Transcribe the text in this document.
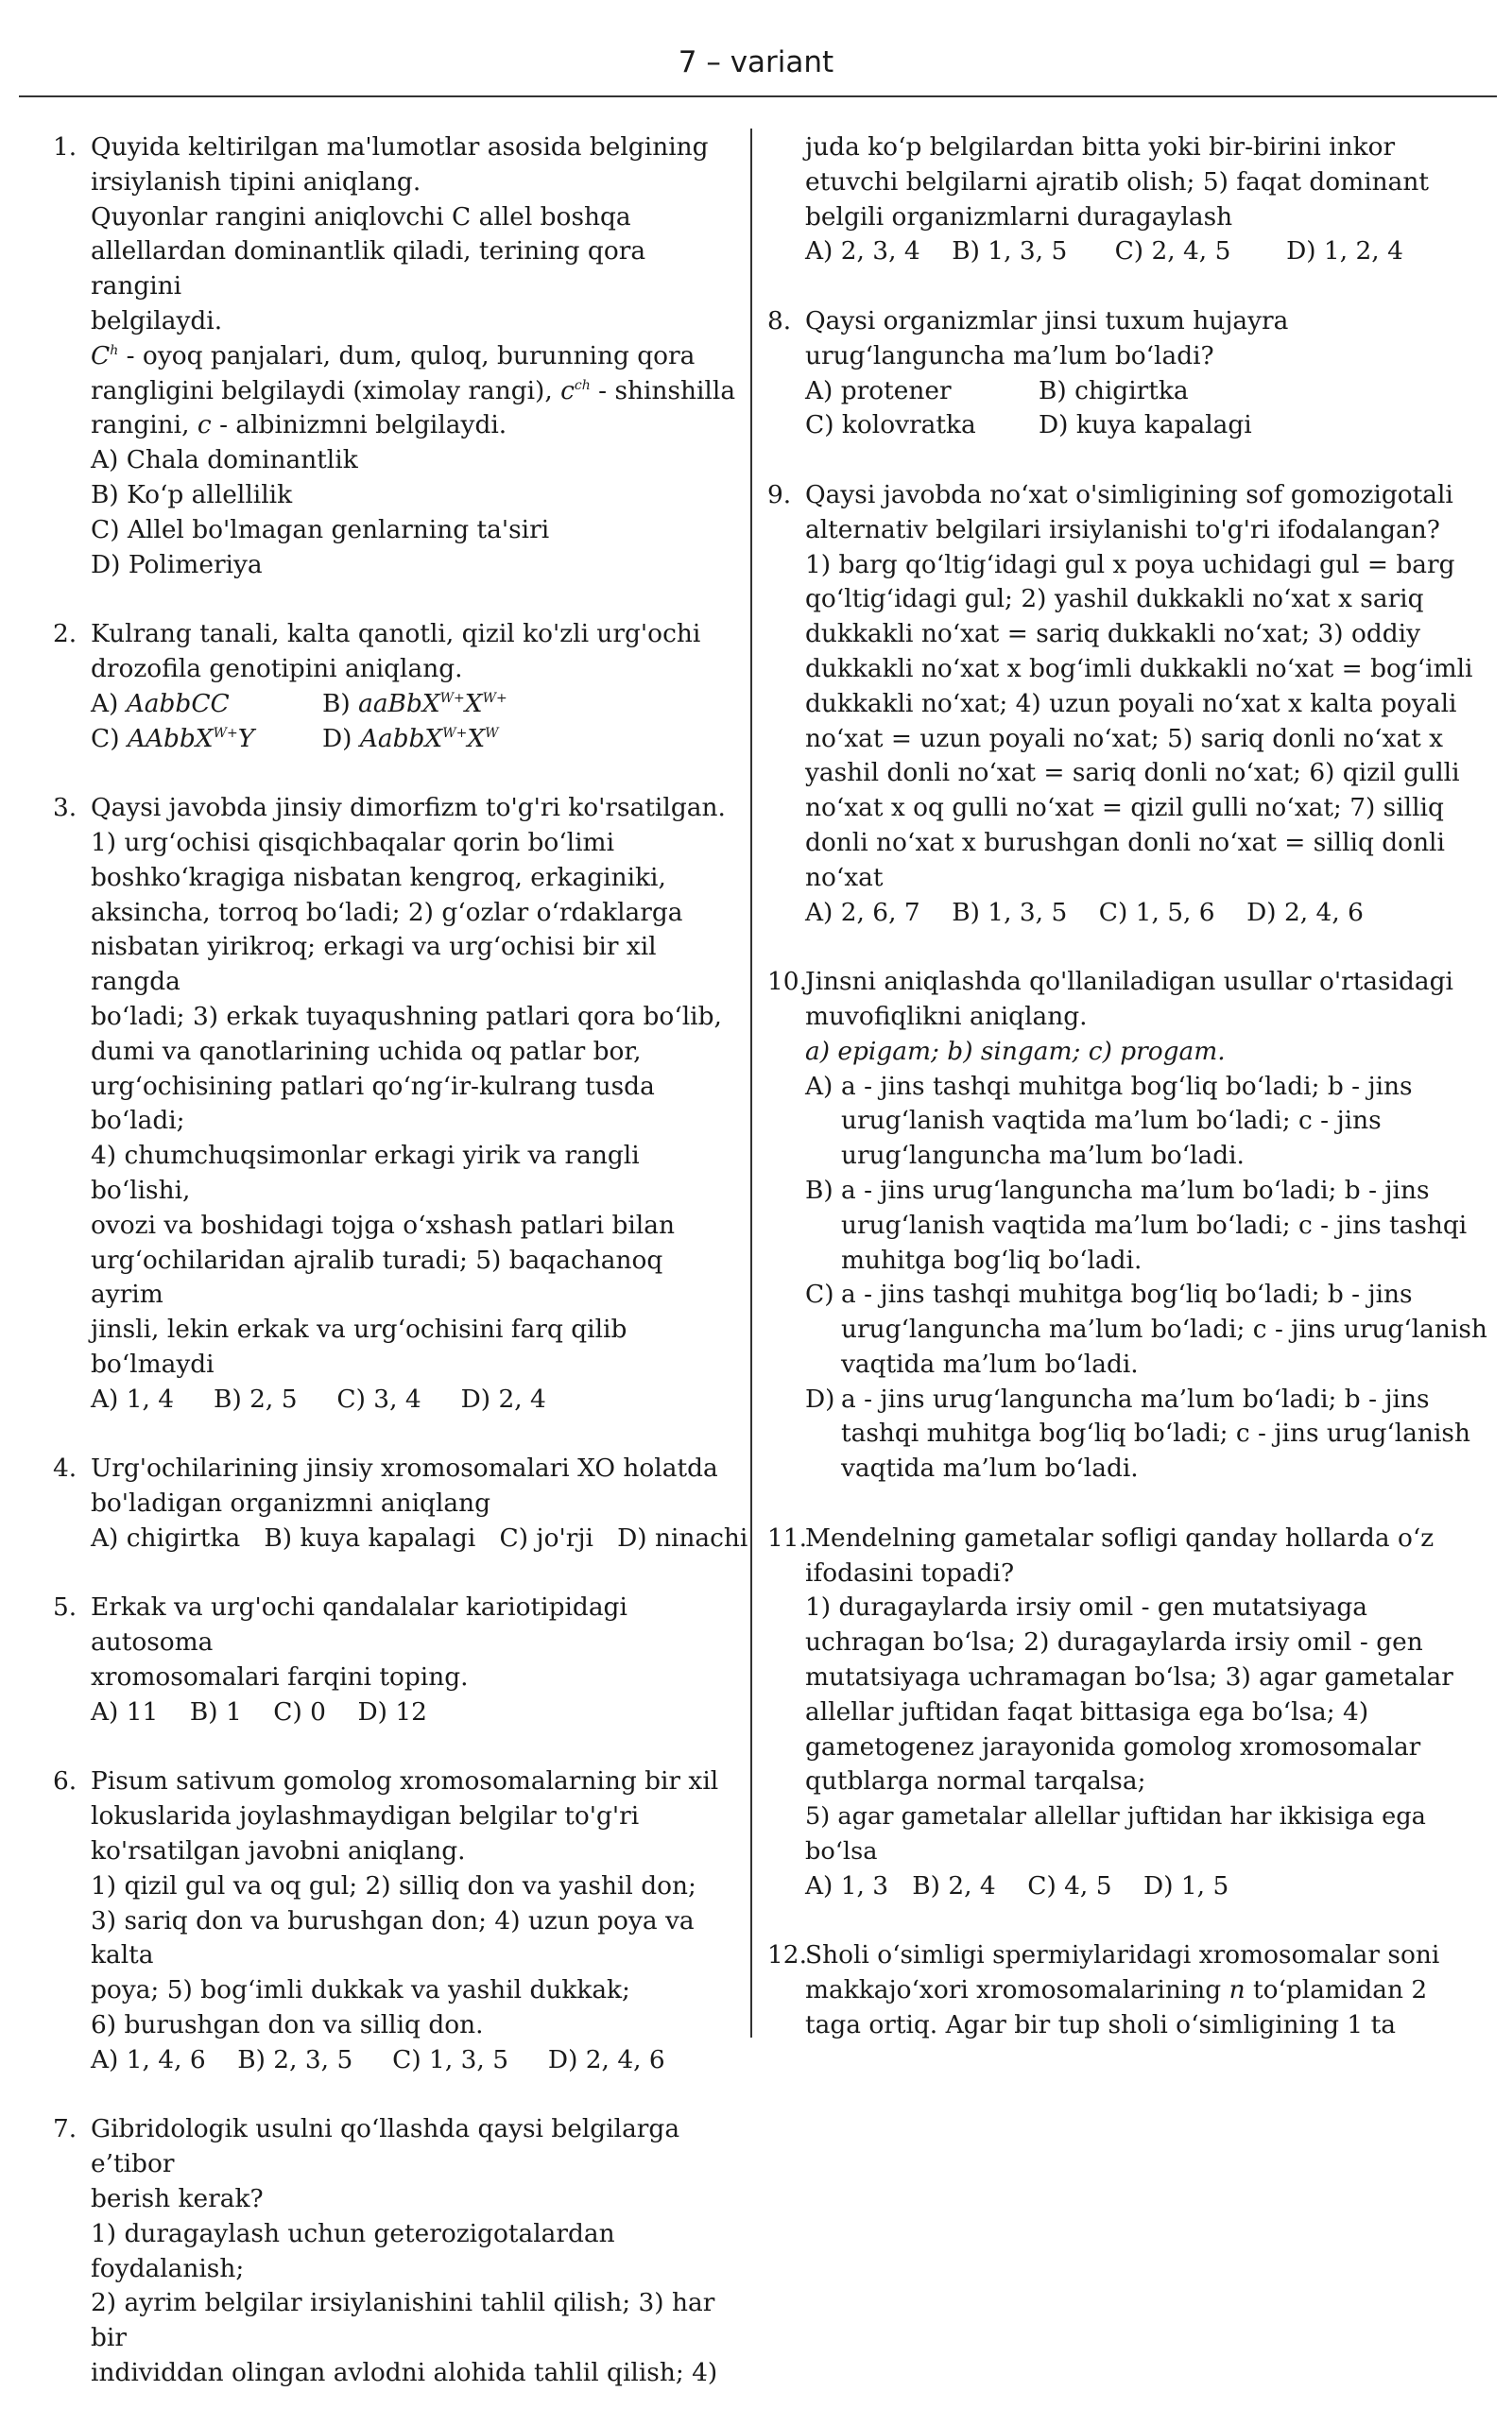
7 – variant
1. Quyida keltirilgan ma'lumotlar asosida belgining
irsiylanish tipini aniqlang.
Quyonlar rangini aniqlovchi C allel boshqa
allellardan dominantlik qiladi, terining qora rangini
belgilaydi.
$C^h$ - oyoq panjalari, dum, quloq, burunning qora
rangligini belgilaydi (ximolay rangi), $c^{ch}$ - shinshilla
rangini, c - albinizmni belgilaydi.
A) Chala dominantlik
B) Ko‘p allellilik
C) Allel bo'lmagan genlarning ta'siri
D) Polimeriya
2. Kulrang tanali, kalta qanotli, qizil ko'zli urg'ochi
drozofila genotipini aniqlang.
A) AabbCC	B) $aaBbX^{W+}X^{W+}$
C) AAbbX$^{W+}$Y	D) $AabbX^{W+}X^W$
3. Qaysi javobda jinsiy dimorfizm to'g'ri ko'rsatilgan.
1) urg‘ochisi qisqichbaqalar qorin bo‘limi
boshko‘kragiga nisbatan kengroq, erkaginiki,
aksincha, torroq bo‘ladi; 2) g‘ozlar o‘rdaklarga
nisbatan yirikroq; erkagi va urg‘ochisi bir xil rangda
bo‘ladi; 3) erkak tuyaqushning patlari qora bo‘lib,
dumi va qanotlarining uchida oq patlar bor,
urg‘ochisining patlari qo‘ng‘ir-kulrang tusda bo‘ladi;
4) chumchuqsimonlar erkagi yirik va rangli bo‘lishi,
ovozi va boshidagi tojga o‘xshash patlari bilan
urg‘ochilaridan ajralib turadi; 5) baqachanoq ayrim
jinsli, lekin erkak va urg‘ochisini farq qilib bo‘lmaydi
A) 1, 4     B) 2, 5     C) 3, 4     D) 2, 4
4. Urg'ochilarining jinsiy xromosomalari XO holatda
bo'ladigan organizmni aniqlang
A) chigirtka   B) kuya kapalagi   C) jo'rji   D) ninachi
5. Erkak va urg'ochi qandalalar kariotipidagi autosoma
xromosomalari farqini toping.
A) 11    B) 1    C) 0    D) 12
6. Pisum sativum gomolog xromosomalarning bir xil
lokuslarida joylashmaydigan belgilar to'g'ri
ko'rsatilgan javobni aniqlang.
1) qizil gul va oq gul; 2) silliq don va yashil don;
3) sariq don va burushgan don; 4) uzun poya va kalta
poya; 5) bog‘imli dukkak va yashil dukkak;
6) burushgan don va silliq don.
A) 1, 4, 6    B) 2, 3, 5     C) 1, 3, 5     D) 2, 4, 6
7. Gibridologik usulni qo‘llashda qaysi belgilarga e’tibor
berish kerak?
1) duragaylash uchun geterozigotalardan foydalanish;
2) ayrim belgilar irsiylanishini tahlil qilish; 3) har bir
individdan olingan avlodni alohida tahlil qilish; 4)
juda ko‘p belgilardan bitta yoki bir-birini inkor
etuvchi belgilarni ajratib olish; 5) faqat dominant
belgili organizmlarni duragaylash
A) 2, 3, 4    B) 1, 3, 5      C) 2, 4, 5       D) 1, 2, 4
8. Qaysi organizmlar jinsi tuxum hujayra
urug‘languncha ma’lum bo‘ladi?
A) protener	B) chigirtka
C) kolovratka	D) kuya kapalagi
9. Qaysi javobda no‘xat o'simligining sof gomozigotali
alternativ belgilari irsiylanishi to'g'ri ifodalangan?
1) barg qo‘ltig‘idagi gul x poya uchidagi gul = barg
qo‘ltig‘idagi gul; 2) yashil dukkakli no‘xat x sariq
dukkakli no‘xat = sariq dukkakli no‘xat; 3) oddiy
dukkakli no‘xat x bog‘imli dukkakli no‘xat = bog‘imli
dukkakli no‘xat; 4) uzun poyali no‘xat x kalta poyali
no‘xat = uzun poyali no‘xat; 5) sariq donli no‘xat x
yashil donli no‘xat = sariq donli no‘xat; 6) qizil gulli
no‘xat x oq gulli no‘xat = qizil gulli no‘xat; 7) silliq
donli no‘xat x burushgan donli no‘xat = silliq donli
no‘xat
A) 2, 6, 7    B) 1, 3, 5    C) 1, 5, 6    D) 2, 4, 6
10.
Jinsni aniqlashda qo'llaniladigan usullar o'rtasidagi
muvofiqlikni aniqlang.
a) epigam; b) singam; c) progam.
A) a - jins tashqi muhitga bog‘liq bo‘ladi; b - jins
urug‘lanish vaqtida ma’lum bo‘ladi; c - jins
urug‘languncha ma’lum bo‘ladi.
B) a - jins urug‘languncha ma’lum bo‘ladi; b - jins
urug‘lanish vaqtida ma’lum bo‘ladi; c - jins tashqi
muhitga bog‘liq bo‘ladi.
C) a - jins tashqi muhitga bog‘liq bo‘ladi; b - jins
urug‘languncha ma’lum bo‘ladi; c - jins urug‘lanish
vaqtida ma’lum bo‘ladi.
D) a - jins urug‘languncha ma’lum bo‘ladi; b - jins
tashqi muhitga bog‘liq bo‘ladi; c - jins urug‘lanish
vaqtida ma’lum bo‘ladi.
11.
Mendelning gametalar sofligi qanday hollarda o‘z
ifodasini topadi?
1) duragaylarda irsiy omil - gen mutatsiyaga
uchragan bo‘lsa; 2) duragaylarda irsiy omil - gen
mutatsiyaga uchramagan bo‘lsa; 3) agar gametalar
allellar juftidan faqat bittasiga ega bo‘lsa; 4)
gametogenez jarayonida gomolog xromosomalar
qutblarga normal tarqalsa;
5) agar gametalar allellar juftidan har ikkisiga ega bo‘lsa
A) 1, 3   B) 2, 4    C) 4, 5    D) 1, 5
12.
Sholi o‘simligi spermiylaridagi xromosomalar soni
makkajo‘xori xromosomalarining n to‘plamidan 2
taga ortiq. Agar bir tup sholi o‘simligining 1 ta
